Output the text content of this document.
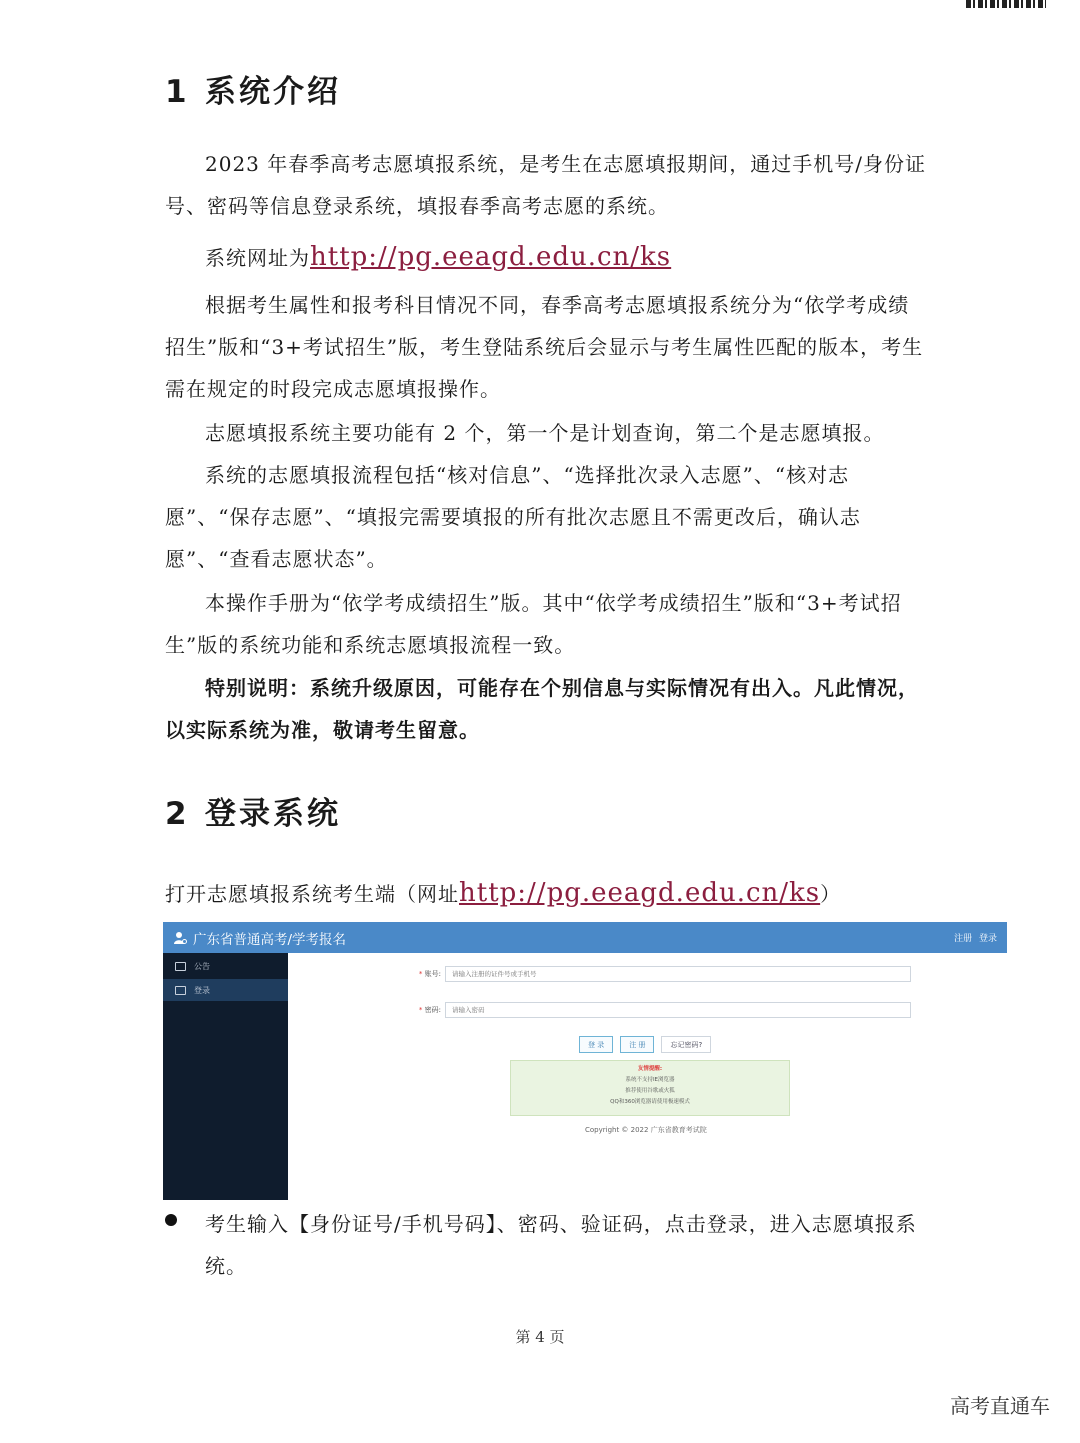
1 系统介绍

2023 年春季高考志愿填报系统，是考生在志愿填报期间，通过手机号/身份证号、密码等信息登录系统，填报春季高考志愿的系统。

系统网址为http://pg.eeagd.edu.cn/ks

根据考生属性和报考科目情况不同，春季高考志愿填报系统分为“依学考成绩招生”版和“3+考试招生”版，考生登陆系统后会显示与考生属性匹配的版本，考生需在规定的时段完成志愿填报操作。

志愿填报系统主要功能有 2 个，第一个是计划查询，第二个是志愿填报。

系统的志愿填报流程包括“核对信息”、“选择批次录入志愿”、“核对志愿”、“保存志愿”、“填报完需要填报的所有批次志愿且不需更改后，确认志愿”、“查看志愿状态”。

本操作手册为“依学考成绩招生”版。其中“依学考成绩招生”版和“3+考试招生”版的系统功能和系统志愿填报流程一致。

特别说明：系统升级原因，可能存在个别信息与实际情况有出入。凡此情况，以实际系统为准，敬请考生留意。

2 登录系统

打开志愿填报系统考生端（网址http://pg.eeagd.edu.cn/ks）

广东省普通高考/学考报名	注册 登录
公告
登录
* 账号:
请输入注册的证件号或手机号
* 密码:
登 录	注 册	忘记密码?
友情提醒:
系统不支持IE浏览器
推荐使用谷歌或火狐
QQ和360浏览器请使用极速模式
Copyright © 2022 广东省教育考试院

考生输入【身份证号/手机号码】、密码、验证码，点击登录，进入志愿填报系统。

第 4 页
高考直通车
